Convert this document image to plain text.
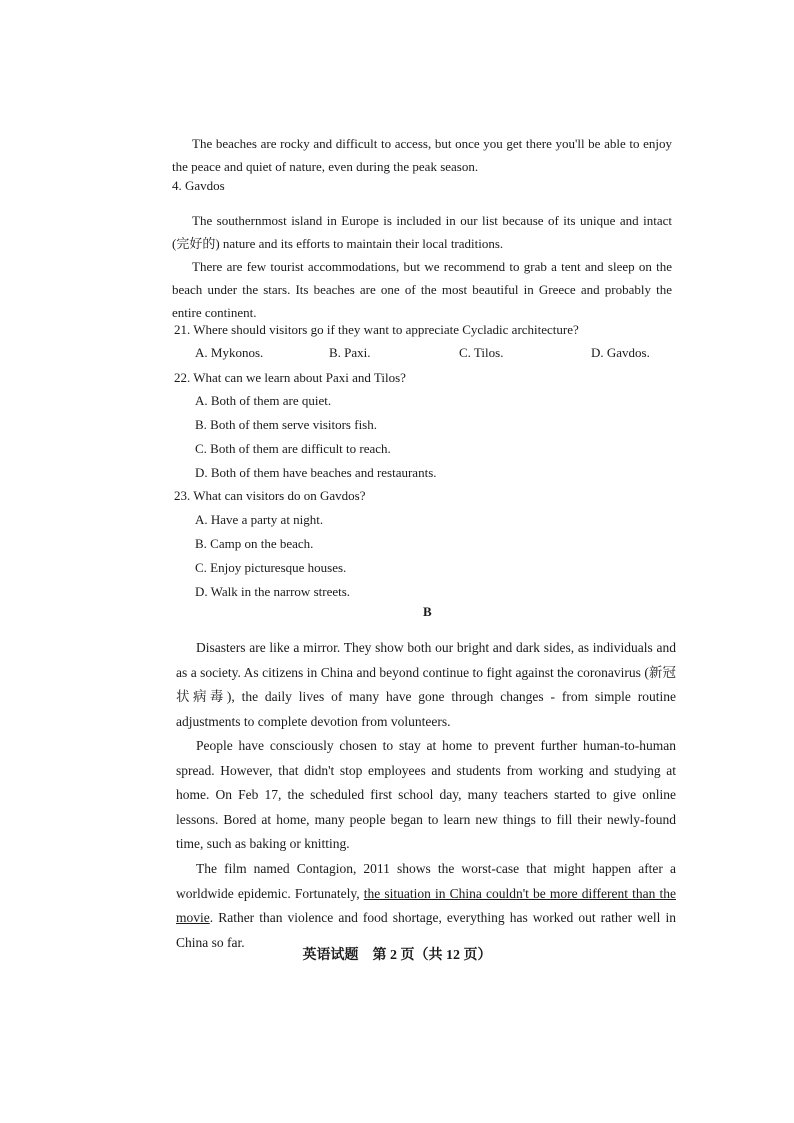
The beaches are rocky and difficult to access, but once you get there you'll be able to enjoy the peace and quiet of nature, even during the peak season.

4. Gavdos

The southernmost island in Europe is included in our list because of its unique and intact (完好的) nature and its efforts to maintain their local traditions.

There are few tourist accommodations, but we recommend to grab a tent and sleep on the beach under the stars. Its beaches are one of the most beautiful in Greece and probably the entire continent.

21. Where should visitors go if they want to appreciate Cycladic architecture?

A. Mykonos.	B. Paxi.	C. Tilos.	D. Gavdos.

22. What can we learn about Paxi and Tilos?

A. Both of them are quiet.

B. Both of them serve visitors fish.

C. Both of them are difficult to reach.

D. Both of them have beaches and restaurants.

23. What can visitors do on Gavdos?

A. Have a party at night.

B. Camp on the beach.

C. Enjoy picturesque houses.

D. Walk in the narrow streets.

B

Disasters are like a mirror. They show both our bright and dark sides, as individuals and as a society. As citizens in China and beyond continue to fight against the coronavirus (新冠状病毒), the daily lives of many have gone through changes - from simple routine adjustments to complete devotion from volunteers.

People have consciously chosen to stay at home to prevent further human-to-human spread. However, that didn't stop employees and students from working and studying at home. On Feb 17, the scheduled first school day, many teachers started to give online lessons. Bored at home, many people began to learn new things to fill their newly-found time, such as baking or knitting.

The film named Contagion, 2011 shows the worst-case that might happen after a worldwide epidemic. Fortunately, the situation in China couldn't be more different than the movie. Rather than violence and food shortage, everything has worked out rather well in China so far.

英语试题　第 2 页（共 12 页）
